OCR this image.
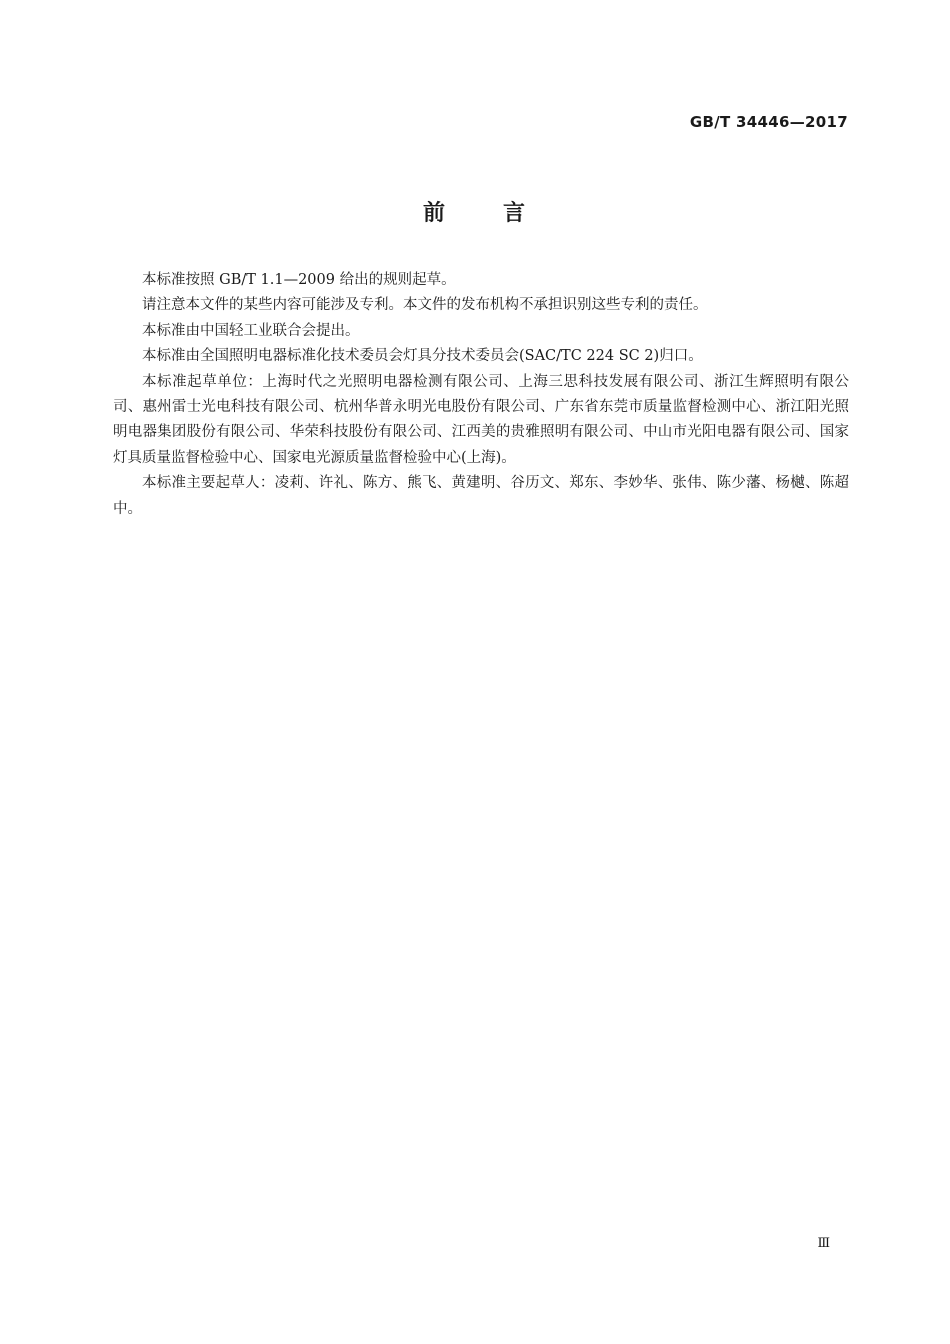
GB/T 34446—2017
前	言

本标准按照 GB/T 1.1—2009 给出的规则起草。

请注意本文件的某些内容可能涉及专利。本文件的发布机构不承担识别这些专利的责任。

本标准由中国轻工业联合会提出。

本标准由全国照明电器标准化技术委员会灯具分技术委员会(SAC/TC 224 SC 2)归口。

本标准起草单位：上海时代之光照明电器检测有限公司、上海三思科技发展有限公司、浙江生辉照明有限公司、惠州雷士光电科技有限公司、杭州华普永明光电股份有限公司、广东省东莞市质量监督检测中心、浙江阳光照明电器集团股份有限公司、华荣科技股份有限公司、江西美的贵雅照明有限公司、中山市光阳电器有限公司、国家灯具质量监督检验中心、国家电光源质量监督检验中心(上海)。

本标准主要起草人：凌莉、许礼、陈方、熊飞、黄建明、谷历文、郑东、李妙华、张伟、陈少藩、杨樾、陈超中。

Ⅲ
